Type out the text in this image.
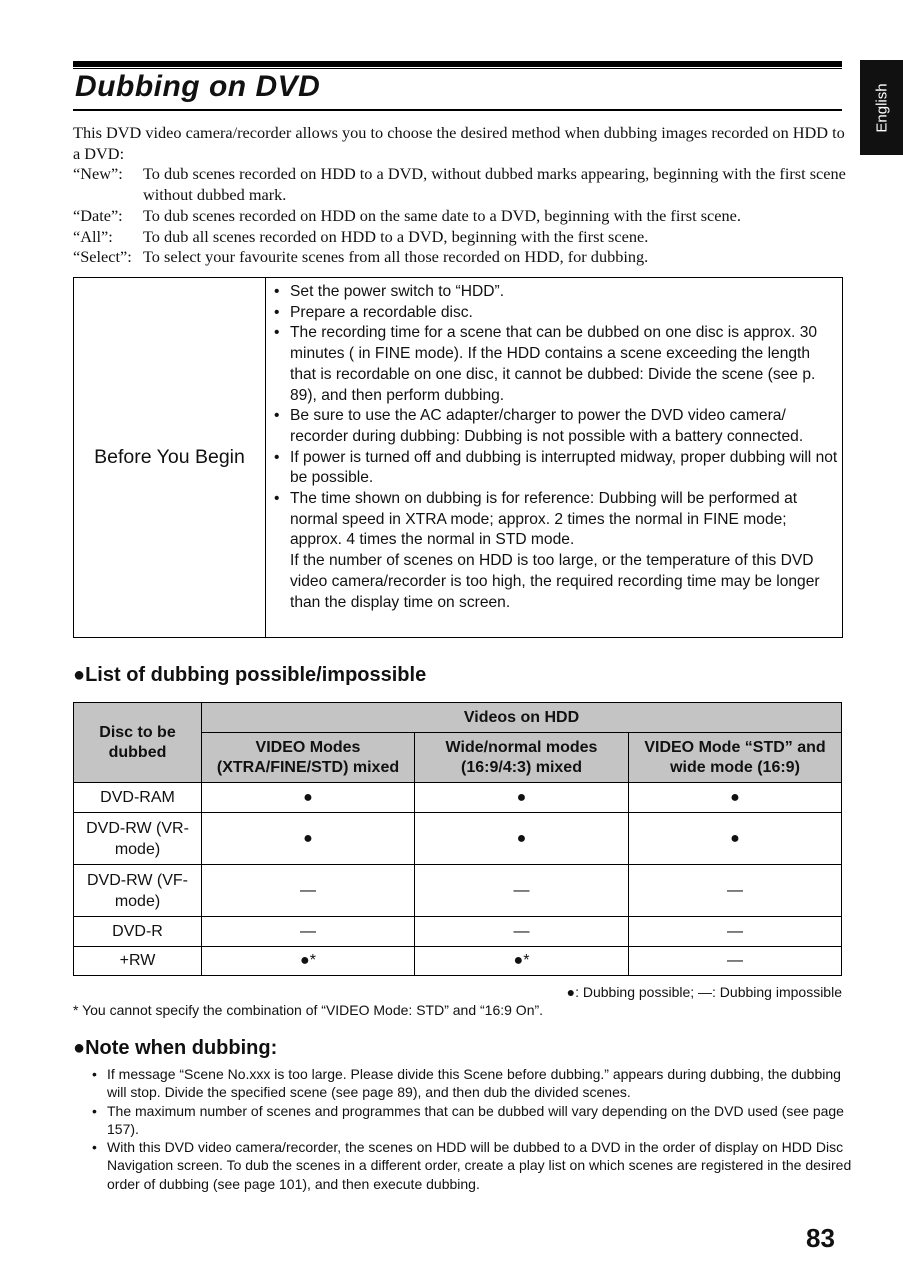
Dubbing on DVD	English
This DVD video camera/recorder allows you to choose the desired method when dubbing images recorded on HDD to a DVD:
“New”:	To dub scenes recorded on HDD to a DVD, without dubbed marks appearing, beginning with the first scene without dubbed mark.
“Date”:	To dub scenes recorded on HDD on the same date to a DVD, beginning with the first scene.
“All”:	To dub all scenes recorded on HDD to a DVD, beginning with the first scene.
“Select”: To select your favourite scenes from all those recorded on HDD, for dubbing.
Before You Begin
• Set the power switch to “HDD”.
• Prepare a recordable disc.
• The recording time for a scene that can be dubbed on one disc is approx. 30 minutes ( in FINE mode). If the HDD contains a scene exceeding the length that is recordable on one disc, it cannot be dubbed: Divide the scene (see p. 89), and then perform dubbing.
• Be sure to use the AC adapter/charger to power the DVD video camera/ recorder during dubbing: Dubbing is not possible with a battery connected.
• If power is turned off and dubbing is interrupted midway, proper dubbing will not be possible.
• The time shown on dubbing is for reference: Dubbing will be performed at normal speed in XTRA mode; approx. 2 times the normal in FINE mode; approx. 4 times the normal in STD mode.
If the number of scenes on HDD is too large, or the temperature of this DVD video camera/recorder is too high, the required recording time may be longer than the display time on screen.
●List of dubbing possible/impossible
Disc to be dubbed	Videos on HDD		
	VIDEO Modes (XTRA/FINE/STD) mixed	Wide/normal modes (16:9/4:3) mixed	VIDEO Mode “STD” and wide mode (16:9)
DVD-RAM	●	●	●
DVD-RW (VR-mode)	●	●	●
DVD-RW (VF-mode)	—	—	—
DVD-R	—	—	—
+RW	●*	●*	—
●: Dubbing possible; —: Dubbing impossible
* You cannot specify the combination of “VIDEO Mode: STD” and “16:9 On”.
●Note when dubbing:
• If message “Scene No.xxx is too large. Please divide this Scene before dubbing.” appears during dubbing, the dubbing will stop. Divide the specified scene (see page 89), and then dub the divided scenes.
• The maximum number of scenes and programmes that can be dubbed will vary depending on the DVD used (see page 157).
• With this DVD video camera/recorder, the scenes on HDD will be dubbed to a DVD in the order of display on HDD Disc Navigation screen. To dub the scenes in a different order, create a play list on which scenes are registered in the desired order of dubbing (see page 101), and then execute dubbing.
83
